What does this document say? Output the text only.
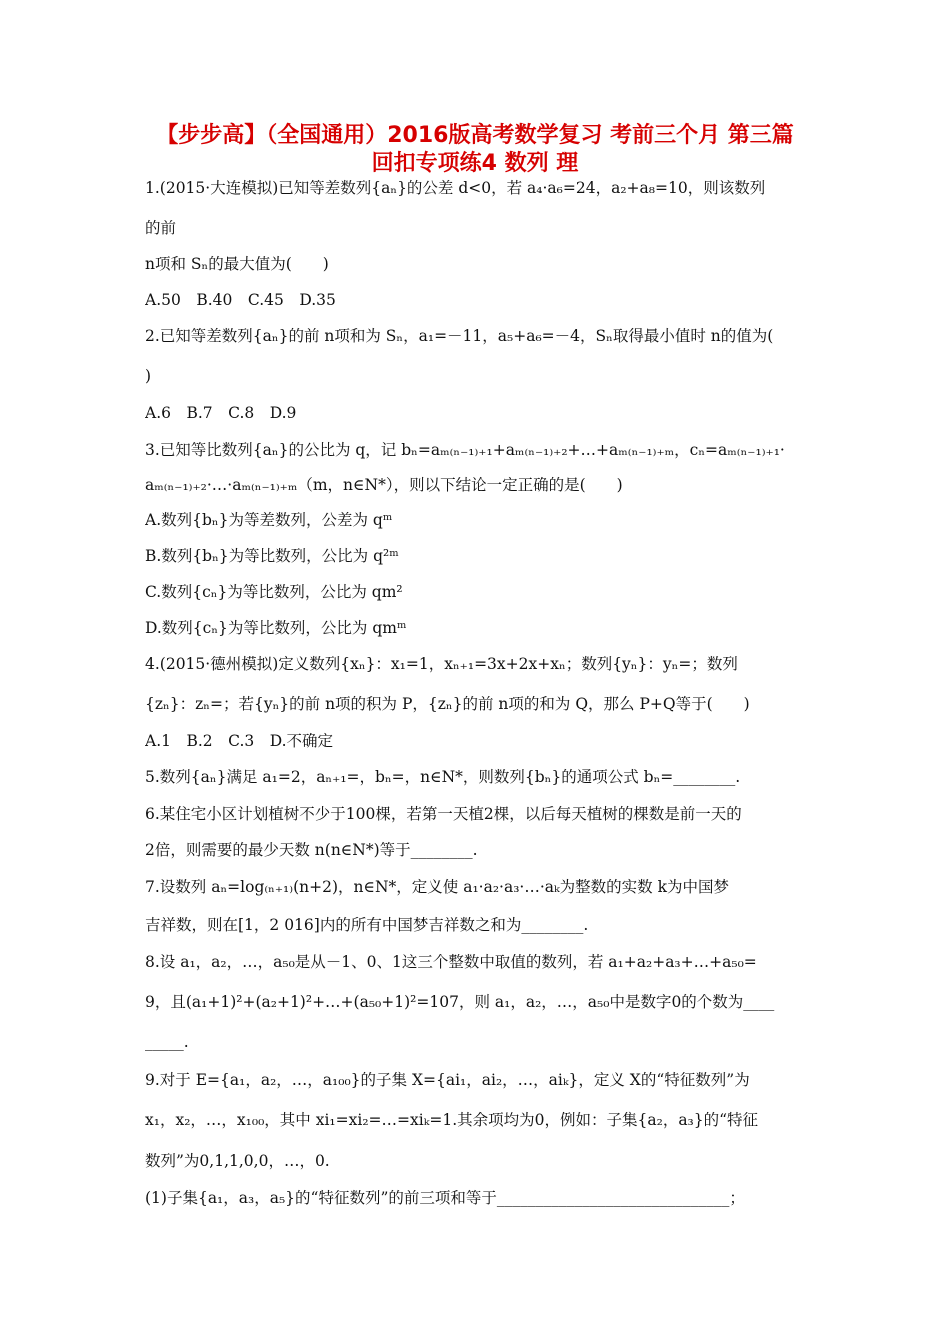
【步步高】（全国通用）2016版高考数学复习 考前三个月 第三篇
回扣专项练4 数列 理
1.(2015·大连模拟)已知等差数列{aₙ}的公差 d<0，若 a₄·a₆=24，a₂+a₈=10，则该数列
的前
n项和 Sₙ的最大值为(　　)
A.50　B.40　C.45　D.35
2.已知等差数列{aₙ}的前 n项和为 Sₙ，a₁=－11，a₅+a₆=－4，Sₙ取得最小值时 n的值为(
)
A.6　B.7　C.8　D.9
3.已知等比数列{aₙ}的公比为 q，记 bₙ=aₘ₍ₙ₋₁₎₊₁+aₘ₍ₙ₋₁₎₊₂+…+aₘ₍ₙ₋₁₎₊ₘ，cₙ=aₘ₍ₙ₋₁₎₊₁·
aₘ₍ₙ₋₁₎₊₂·…·aₘ₍ₙ₋₁₎₊ₘ（m，n∈N*），则以下结论一定正确的是(　　)
A.数列{bₙ}为等差数列，公差为 qᵐ
B.数列{bₙ}为等比数列，公比为 q²ᵐ
C.数列{cₙ}为等比数列，公比为 qm²
D.数列{cₙ}为等比数列，公比为 qmᵐ
4.(2015·德州模拟)定义数列{xₙ}：x₁=1，xₙ₊₁=3x+2x+xₙ；数列{yₙ}：yₙ=；数列
{zₙ}：zₙ=；若{yₙ}的前 n项的积为 P，{zₙ}的前 n项的和为 Q，那么 P+Q等于(　　)
A.1　B.2　C.3　D.不确定
5.数列{aₙ}满足 a₁=2，aₙ₊₁=，bₙ=，n∈N*，则数列{bₙ}的通项公式 bₙ=________.
6.某住宅小区计划植树不少于100棵，若第一天植2棵，以后每天植树的棵数是前一天的
2倍，则需要的最少天数 n(n∈N*)等于________.
7.设数列 aₙ=log₍ₙ₊₁₎(n+2)，n∈N*，定义使 a₁·a₂·a₃·…·aₖ为整数的实数 k为中国梦
吉祥数，则在[1，2 016]内的所有中国梦吉祥数之和为________.
8.设 a₁，a₂，…，a₅₀是从－1、0、1这三个整数中取值的数列，若 a₁+a₂+a₃+…+a₅₀=
9，且(a₁+1)²+(a₂+1)²+…+(a₅₀+1)²=107，则 a₁，a₂，…，a₅₀中是数字0的个数为____
_____.
9.对于 E={a₁，a₂，…，a₁₀₀}的子集 X={ai₁，ai₂，…，aiₖ}，定义 X的“特征数列”为
x₁，x₂，…，x₁₀₀，其中 xi₁=xi₂=…=xiₖ=1.其余项均为0，例如：子集{a₂，a₃}的“特征
数列”为0,1,1,0,0，…，0.
(1)子集{a₁，a₃，a₅}的“特征数列”的前三项和等于______________________________；
